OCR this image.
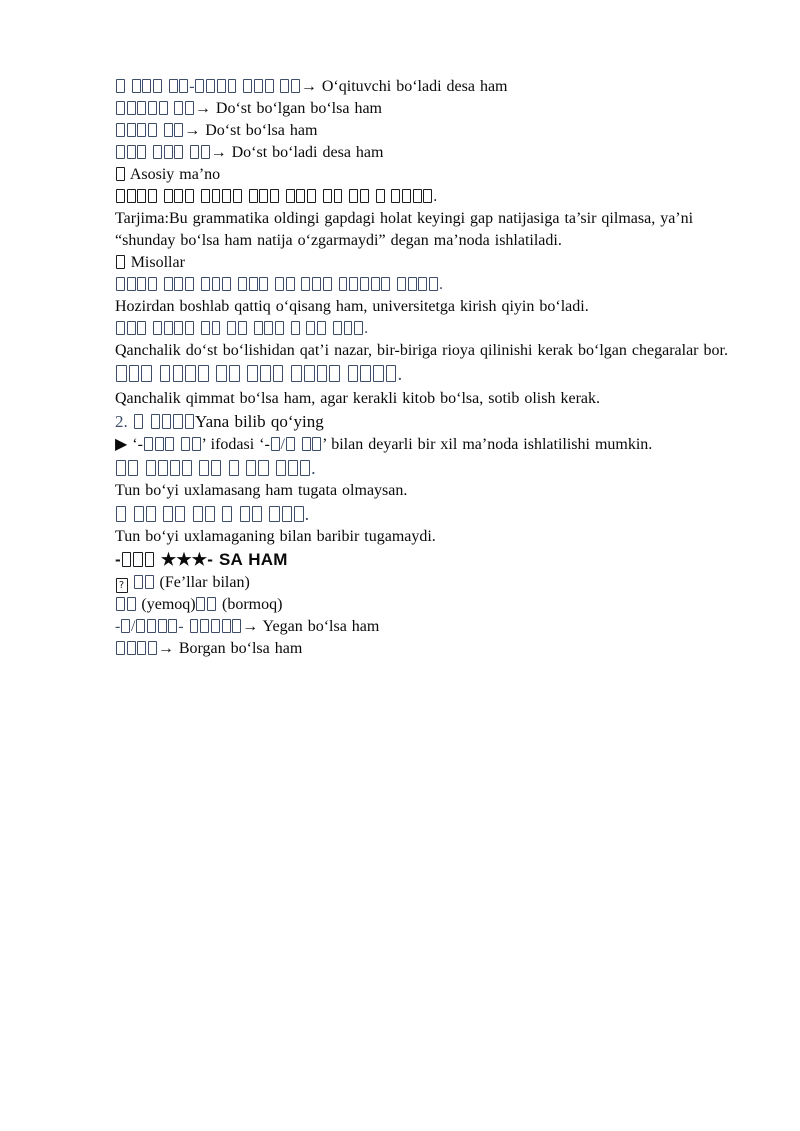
-	→ O‘qituvchi bo‘ladi desa ham

→ Do‘st bo‘lgan bo‘lsa ham

→ Do‘st bo‘lsa ham

→ Do‘st bo‘ladi desa ham

Asosiy ma’no

.

Tarjima:Bu grammatika oldingi gapdagi holat keyingi gap natijasiga ta’sir qilmasa, ya’ni “shunday bo‘lsa ham natija o‘zgarmaydi” degan ma’noda ishlatiladi.

Misollar

.

Hozirdan boshlab qattiq o‘qisang ham, universitetga kirish qiyin bo‘ladi.

.

Qanchalik do‘st bo‘lishidan qat’i nazar, bir-biriga rioya qilinishi kerak bo‘lgan chegaralar bor.

.

Qanchalik qimmat bo‘lsa ham, agar kerakli kitob bo‘lsa, sotib olish kerak.

2.	Yana bilib qo‘ying

▶ ‘-	’ ifodasi ‘- / ’ bilan deyarli bir xil ma’noda ishlatilishi mumkin.

.

Tun bo‘yi uxlamasang ham tugata olmaysan.

.

Tun bo‘yi uxlamaganing bilan baribir tugamaydi.

- ★★★- SA HAM

?  (Fe’llar bilan)

(yemoq) (bormoq)

- /	-	→ Yegan bo‘lsa ham

→ Borgan bo‘lsa ham
